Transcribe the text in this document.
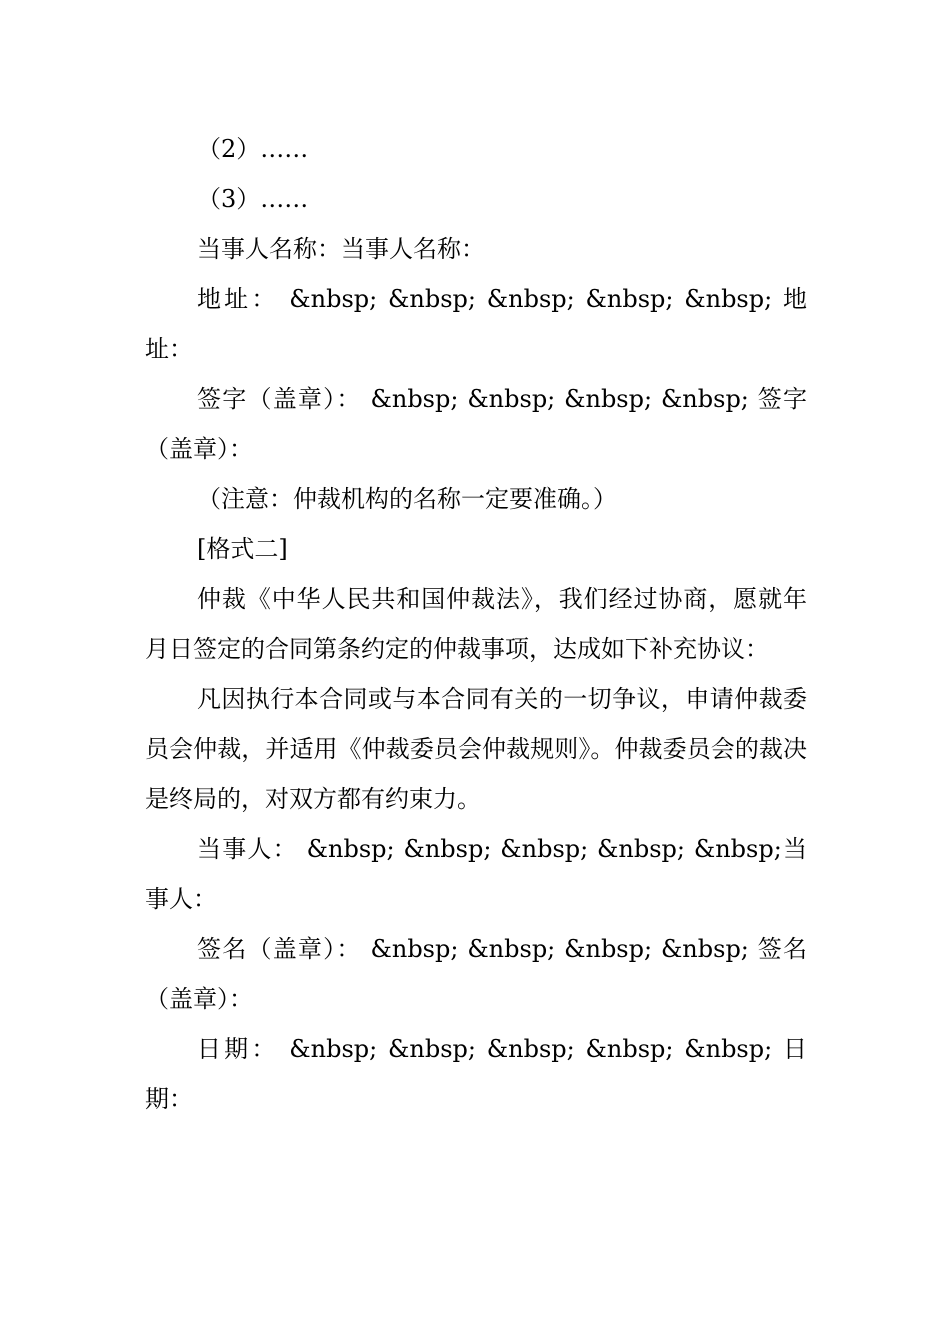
（2）……

（3）……

当事人名称：当事人名称：

地址： &nbsp; &nbsp; &nbsp; &nbsp; &nbsp; 地址：

签字（盖章）： &nbsp; &nbsp; &nbsp; &nbsp; 签字（盖章）：

（注意：仲裁机构的名称一定要准确。）

[格式二]

仲裁《中华人民共和国仲裁法》，我们经过协商，愿就年月日签定的合同第条约定的仲裁事项，达成如下补充协议：

凡因执行本合同或与本合同有关的一切争议，申请仲裁委员会仲裁，并适用《仲裁委员会仲裁规则》。仲裁委员会的裁决是终局的，对双方都有约束力。

当事人： &nbsp; &nbsp; &nbsp; &nbsp; &nbsp;当事人：

签名（盖章）： &nbsp; &nbsp; &nbsp; &nbsp; 签名（盖章）：

日期： &nbsp; &nbsp; &nbsp; &nbsp; &nbsp; 日期：
